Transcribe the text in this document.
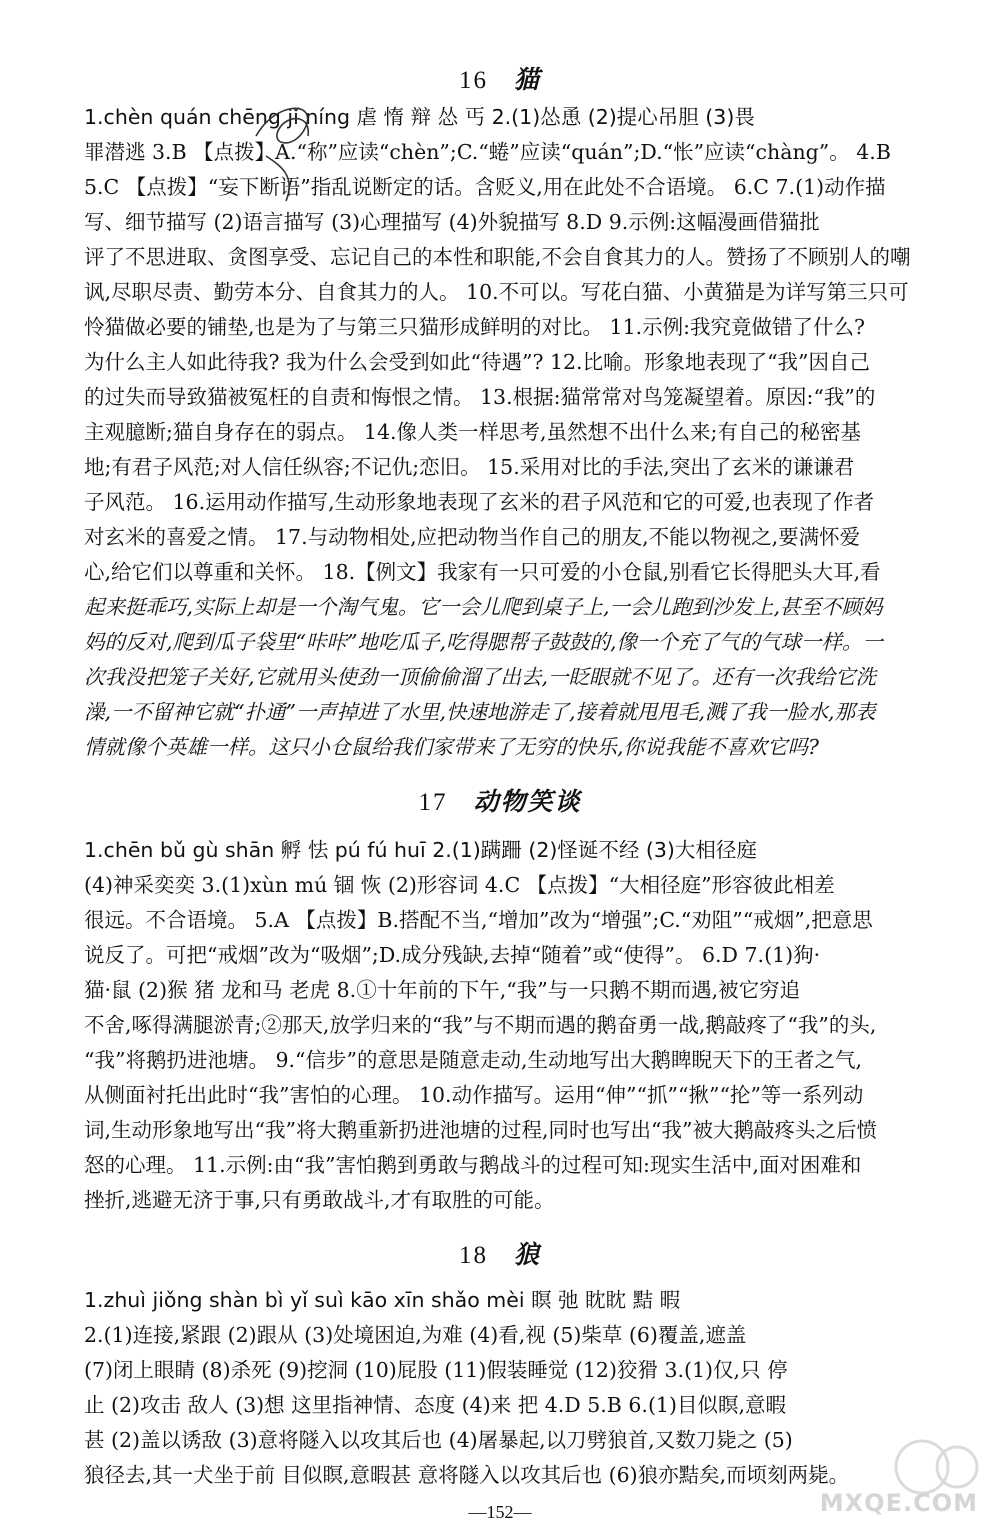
16 猫
1.chèn quán chēng jǐ níng 虐 惰 辩 怂 丐 2.(1)怂恿 (2)提心吊胆 (3)畏
罪潜逃 3.B 【点拨】A.“称”应读“chèn”;C.“蜷”应读“quán”;D.“怅”应读“chàng”。 4.B
5.C 【点拨】“妄下断语”指乱说断定的话。含贬义,用在此处不合语境。 6.C 7.(1)动作描
写、细节描写 (2)语言描写 (3)心理描写 (4)外貌描写 8.D 9.示例:这幅漫画借猫批
评了不思进取、贪图享受、忘记自己的本性和职能,不会自食其力的人。赞扬了不顾别人的嘲
讽,尽职尽责、勤劳本分、自食其力的人。 10.不可以。写花白猫、小黄猫是为详写第三只可
怜猫做必要的铺垫,也是为了与第三只猫形成鲜明的对比。 11.示例:我究竟做错了什么?
为什么主人如此待我? 我为什么会受到如此“待遇”? 12.比喻。形象地表现了“我”因自己
的过失而导致猫被冤枉的自责和悔恨之情。 13.根据:猫常常对鸟笼凝望着。原因:“我”的
主观臆断;猫自身存在的弱点。 14.像人类一样思考,虽然想不出什么来;有自己的秘密基
地;有君子风范;对人信任纵容;不记仇;恋旧。 15.采用对比的手法,突出了玄米的谦谦君
子风范。 16.运用动作描写,生动形象地表现了玄米的君子风范和它的可爱,也表现了作者
对玄米的喜爱之情。 17.与动物相处,应把动物当作自己的朋友,不能以物视之,要满怀爱
心,给它们以尊重和关怀。 18.【例文】我家有一只可爱的小仓鼠,别看它长得肥头大耳,看
起来挺乖巧,实际上却是一个淘气鬼。它一会儿爬到桌子上,一会儿跑到沙发上,甚至不顾妈
妈的反对,爬到瓜子袋里“咔咔”地吃瓜子,吃得腮帮子鼓鼓的,像一个充了气的气球一样。一
次我没把笼子关好,它就用头使劲一顶偷偷溜了出去,一眨眼就不见了。还有一次我给它洗
澡,一不留神它就“扑通”一声掉进了水里,快速地游走了,接着就甩甩毛,溅了我一脸水,那表
情就像个英雄一样。这只小仓鼠给我们家带来了无穷的快乐,你说我能不喜欢它吗?
17 动物笑谈
1.chēn bǔ gù shān 孵 怯 pú fú huī 2.(1)蹒跚 (2)怪诞不经 (3)大相径庭
(4)神采奕奕 3.(1)xùn mú 锢 恢 (2)形容词 4.C 【点拨】“大相径庭”形容彼此相差
很远。不合语境。 5.A 【点拨】B.搭配不当,“增加”改为“增强”;C.“劝阻”“戒烟”,把意思
说反了。可把“戒烟”改为“吸烟”;D.成分残缺,去掉“随着”或“使得”。 6.D 7.(1)狗·
猫·鼠 (2)猴 猪 龙和马 老虎 8.①十年前的下午,“我”与一只鹅不期而遇,被它穷追
不舍,啄得满腿淤青;②那天,放学归来的“我”与不期而遇的鹅奋勇一战,鹅敲疼了“我”的头,
“我”将鹅扔进池塘。 9.“信步”的意思是随意走动,生动地写出大鹅睥睨天下的王者之气,
从侧面衬托出此时“我”害怕的心理。 10.动作描写。运用“伸”“抓”“揪”“抡”等一系列动
词,生动形象地写出“我”将大鹅重新扔进池塘的过程,同时也写出“我”被大鹅敲疼头之后愤
怒的心理。 11.示例:由“我”害怕鹅到勇敢与鹅战斗的过程可知:现实生活中,面对困难和
挫折,逃避无济于事,只有勇敢战斗,才有取胜的可能。
18 狼
1.zhuì jiǒng shàn bì yǐ suì kāo xīn shǎo mèi 瞑 弛 眈眈 黠 暇
2.(1)连接,紧跟 (2)跟从 (3)处境困迫,为难 (4)看,视 (5)柴草 (6)覆盖,遮盖
(7)闭上眼睛 (8)杀死 (9)挖洞 (10)屁股 (11)假装睡觉 (12)狡猾 3.(1)仅,只 停
止 (2)攻击 敌人 (3)想 这里指神情、态度 (4)来 把 4.D 5.B 6.(1)目似瞑,意暇
甚 (2)盖以诱敌 (3)意将隧入以攻其后也 (4)屠暴起,以刀劈狼首,又数刀毙之 (5)
狼径去,其一犬坐于前 目似瞑,意暇甚 意将隧入以攻其后也 (6)狼亦黠矣,而顷刻两毙。
—152—	MXQE.COM
